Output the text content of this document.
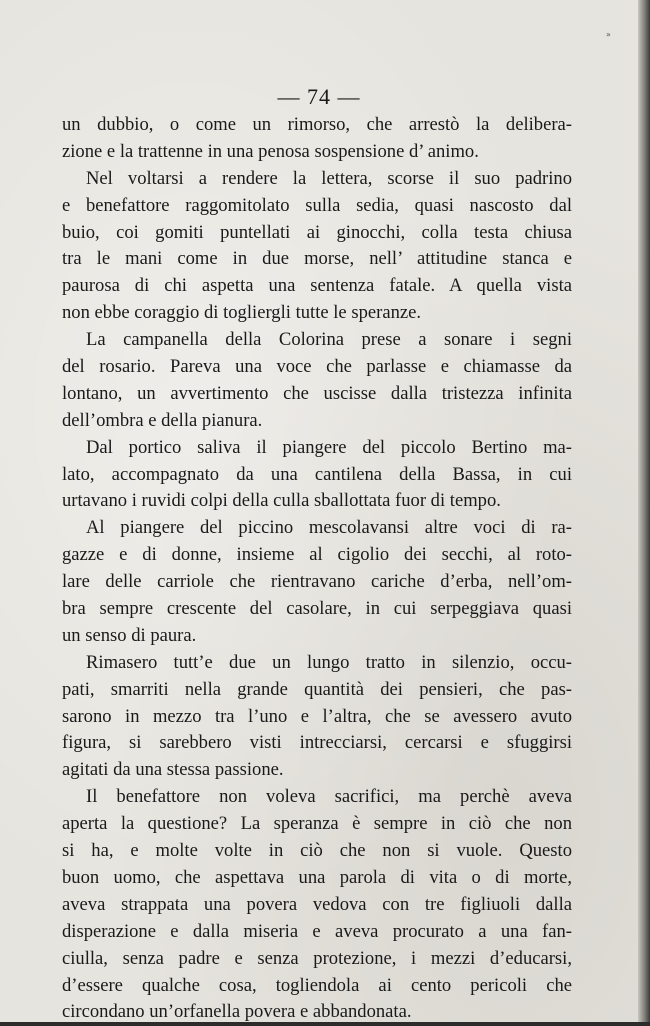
»
— 74 —
un dubbio, o come un rimorso, che arrestò la delibera-
zione e la trattenne in una penosa sospensione d’ animo.
Nel voltarsi a rendere la lettera, scorse il suo padrino
e benefattore raggomitolato sulla sedia, quasi nascosto dal
buio, coi gomiti puntellati ai ginocchi, colla testa chiusa
tra le mani come in due morse, nell’ attitudine stanca e
paurosa di chi aspetta una sentenza fatale. A quella vista
non ebbe coraggio di togliergli tutte le speranze.
La campanella della Colorina prese a sonare i segni
del rosario. Pareva una voce che parlasse e chiamasse da
lontano, un avvertimento che uscisse dalla tristezza infinita
dell’ombra e della pianura.
Dal portico saliva il piangere del piccolo Bertino ma-
lato, accompagnato da una cantilena della Bassa, in cui
urtavano i ruvidi colpi della culla sballottata fuor di tempo.
Al piangere del piccino mescolavansi altre voci di ra-
gazze e di donne, insieme al cigolio dei secchi, al roto-
lare delle carriole che rientravano cariche d’erba, nell’om-
bra sempre crescente del casolare, in cui serpeggiava quasi
un senso di paura.
Rimasero tutt’e due un lungo tratto in silenzio, occu-
pati, smarriti nella grande quantità dei pensieri, che pas-
sarono in mezzo tra l’uno e l’altra, che se avessero avuto
figura, si sarebbero visti intrecciarsi, cercarsi e sfuggirsi
agitati da una stessa passione.
Il benefattore non voleva sacrifici, ma perchè aveva
aperta la questione? La speranza è sempre in ciò che non
si ha, e molte volte in ciò che non si vuole. Questo
buon uomo, che aspettava una parola di vita o di morte,
aveva strappata una povera vedova con tre figliuoli dalla
disperazione e dalla miseria e aveva procurato a una fan-
ciulla, senza padre e senza protezione, i mezzi d’educarsi,
d’essere qualche cosa, togliendola ai cento pericoli che
circondano un’orfanella povera e abbandonata.
